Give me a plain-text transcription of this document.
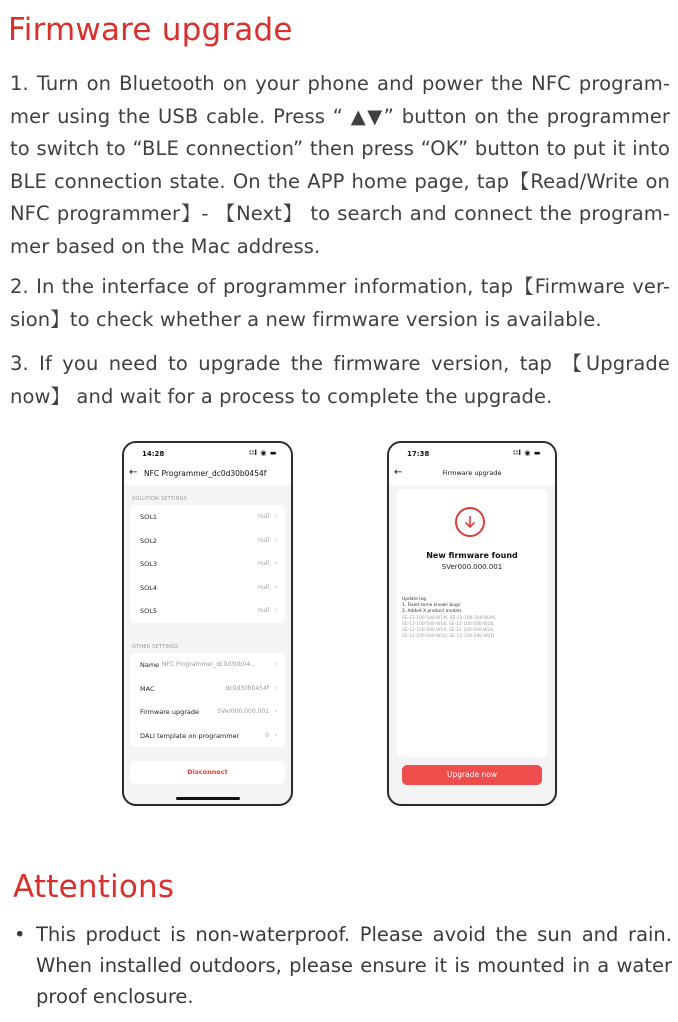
Firmware upgrade

1. Turn on Bluetooth on your phone and power the NFC program-mer using the USB cable. Press “ ▲▼” button on the programmer to switch to “BLE connection” then press “OK” button to put it into BLE connection state. On the APP home page, tap【Read/Write on NFC programmer】- 【Next】 to search and connect the program-mer based on the Mac address.

2. In the interface of programmer information, tap【Firmware ver-sion】to check whether a new firmware version is available.

3. If you need to upgrade the firmware version, tap 【Upgrade now】 and wait for a process to complete the upgrade.

14:28	∷l ◉ ▬
← NFC Programmer_dc0d30b0454f
SOLUTION SETTINGS
SOL1	null ›
SOL2	null ›
SOL3	null ›
SOL4	null ›
SOL5	null ›
OTHER SETTINGS
Name NFC Programmer_dc0d30b04...	›
MAC	dc0d30b0454f ›
Firmware upgrade	SVer000.000.001 ›
DALI template on programmer	0 ›
Disconnect
17:38	∷l ◉ ▬
←	Firmware upgrade
New firmware found
SVer000.000.001
Update log
1. Fixed some known bugs
2. Added X product models
SE-12-100-500-W1M, SE-12-100-500-W2M,
SE-12-100-500-W1B, SE-12-100-500-W2B,
SE-12-100-500-W1A, SE-12-100-500-W2A,
SE-12-100-500-W1D, SE-12-100-500-W2D
Upgrade now
Attentions
• This product is non-waterproof. Please avoid the sun and rain. When installed outdoors, please ensure it is mounted in a water proof enclosure.
